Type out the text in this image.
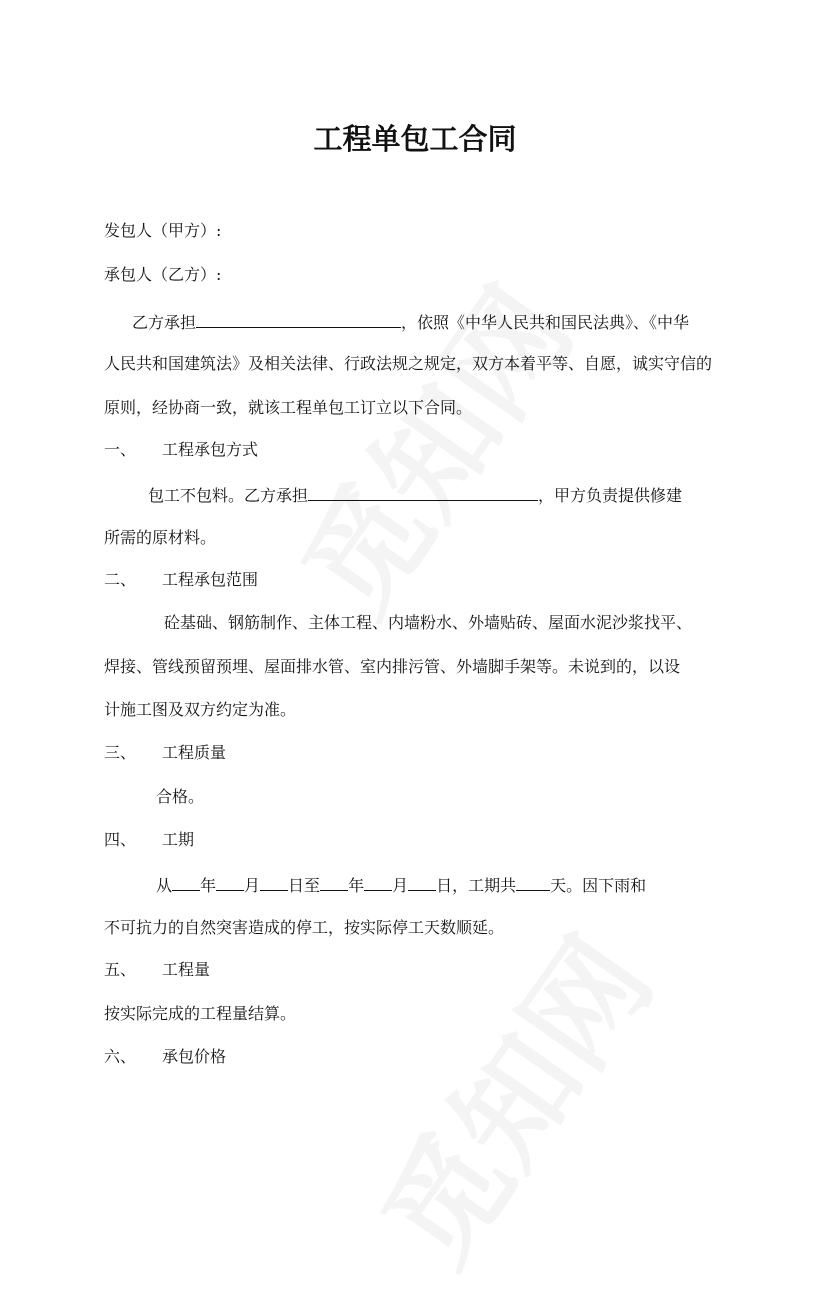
工程单包工合同
发包人（甲方）:
承包人（乙方）:
乙方承担	，依照《中华人民共和国民法典》、《中华
人民共和国建筑法》及相关法律、行政法规之规定，双方本着平等、自愿，诚实守信的
原则，经协商一致，就该工程单包工订立以下合同。
一、 工程承包方式
包工不包料。乙方承担	，甲方负责提供修建
所需的原材料。
二、 工程承包范围
砼基础、钢筋制作、主体工程、内墙粉水、外墙贴砖、屋面水泥沙浆找平、
焊接、管线预留预埋、屋面排水管、室内排污管、外墙脚手架等。未说到的，以设
计施工图及双方约定为准。
三、 工程质量
合格。
四、 工期
从 年 月 日至 年 月 日，工期共 天。因下雨和
不可抗力的自然突害造成的停工，按实际停工天数顺延。
五、 工程量
按实际完成的工程量结算。
六、 承包价格
